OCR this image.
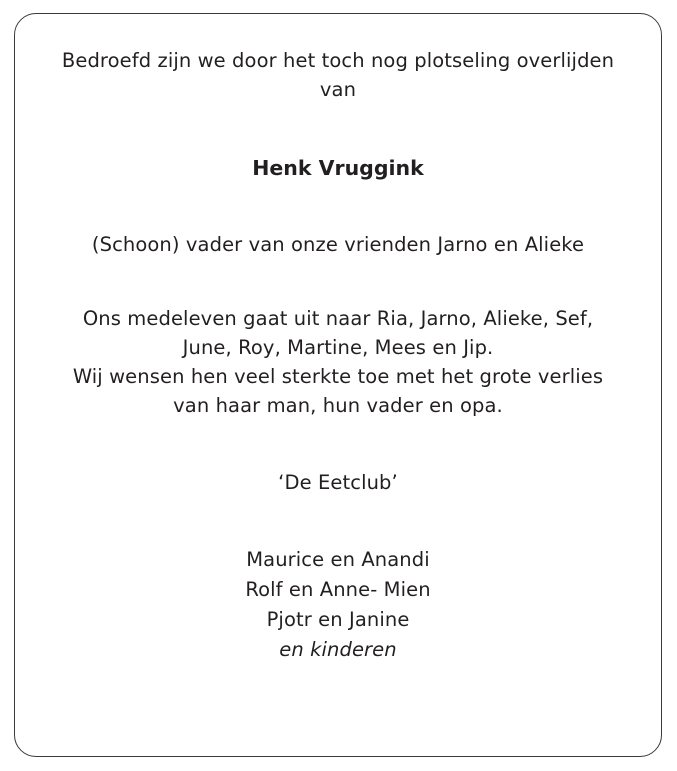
Bedroefd zijn we door het toch nog plotseling overlijden
van
Henk Vruggink
(Schoon) vader van onze vrienden Jarno en Alieke
Ons medeleven gaat uit naar Ria, Jarno, Alieke, Sef,
June, Roy, Martine, Mees en Jip.
Wij wensen hen veel sterkte toe met het grote verlies
van haar man, hun vader en opa.
‘De Eetclub’
Maurice en Anandi
Rolf en Anne- Mien
Pjotr en Janine
en kinderen
